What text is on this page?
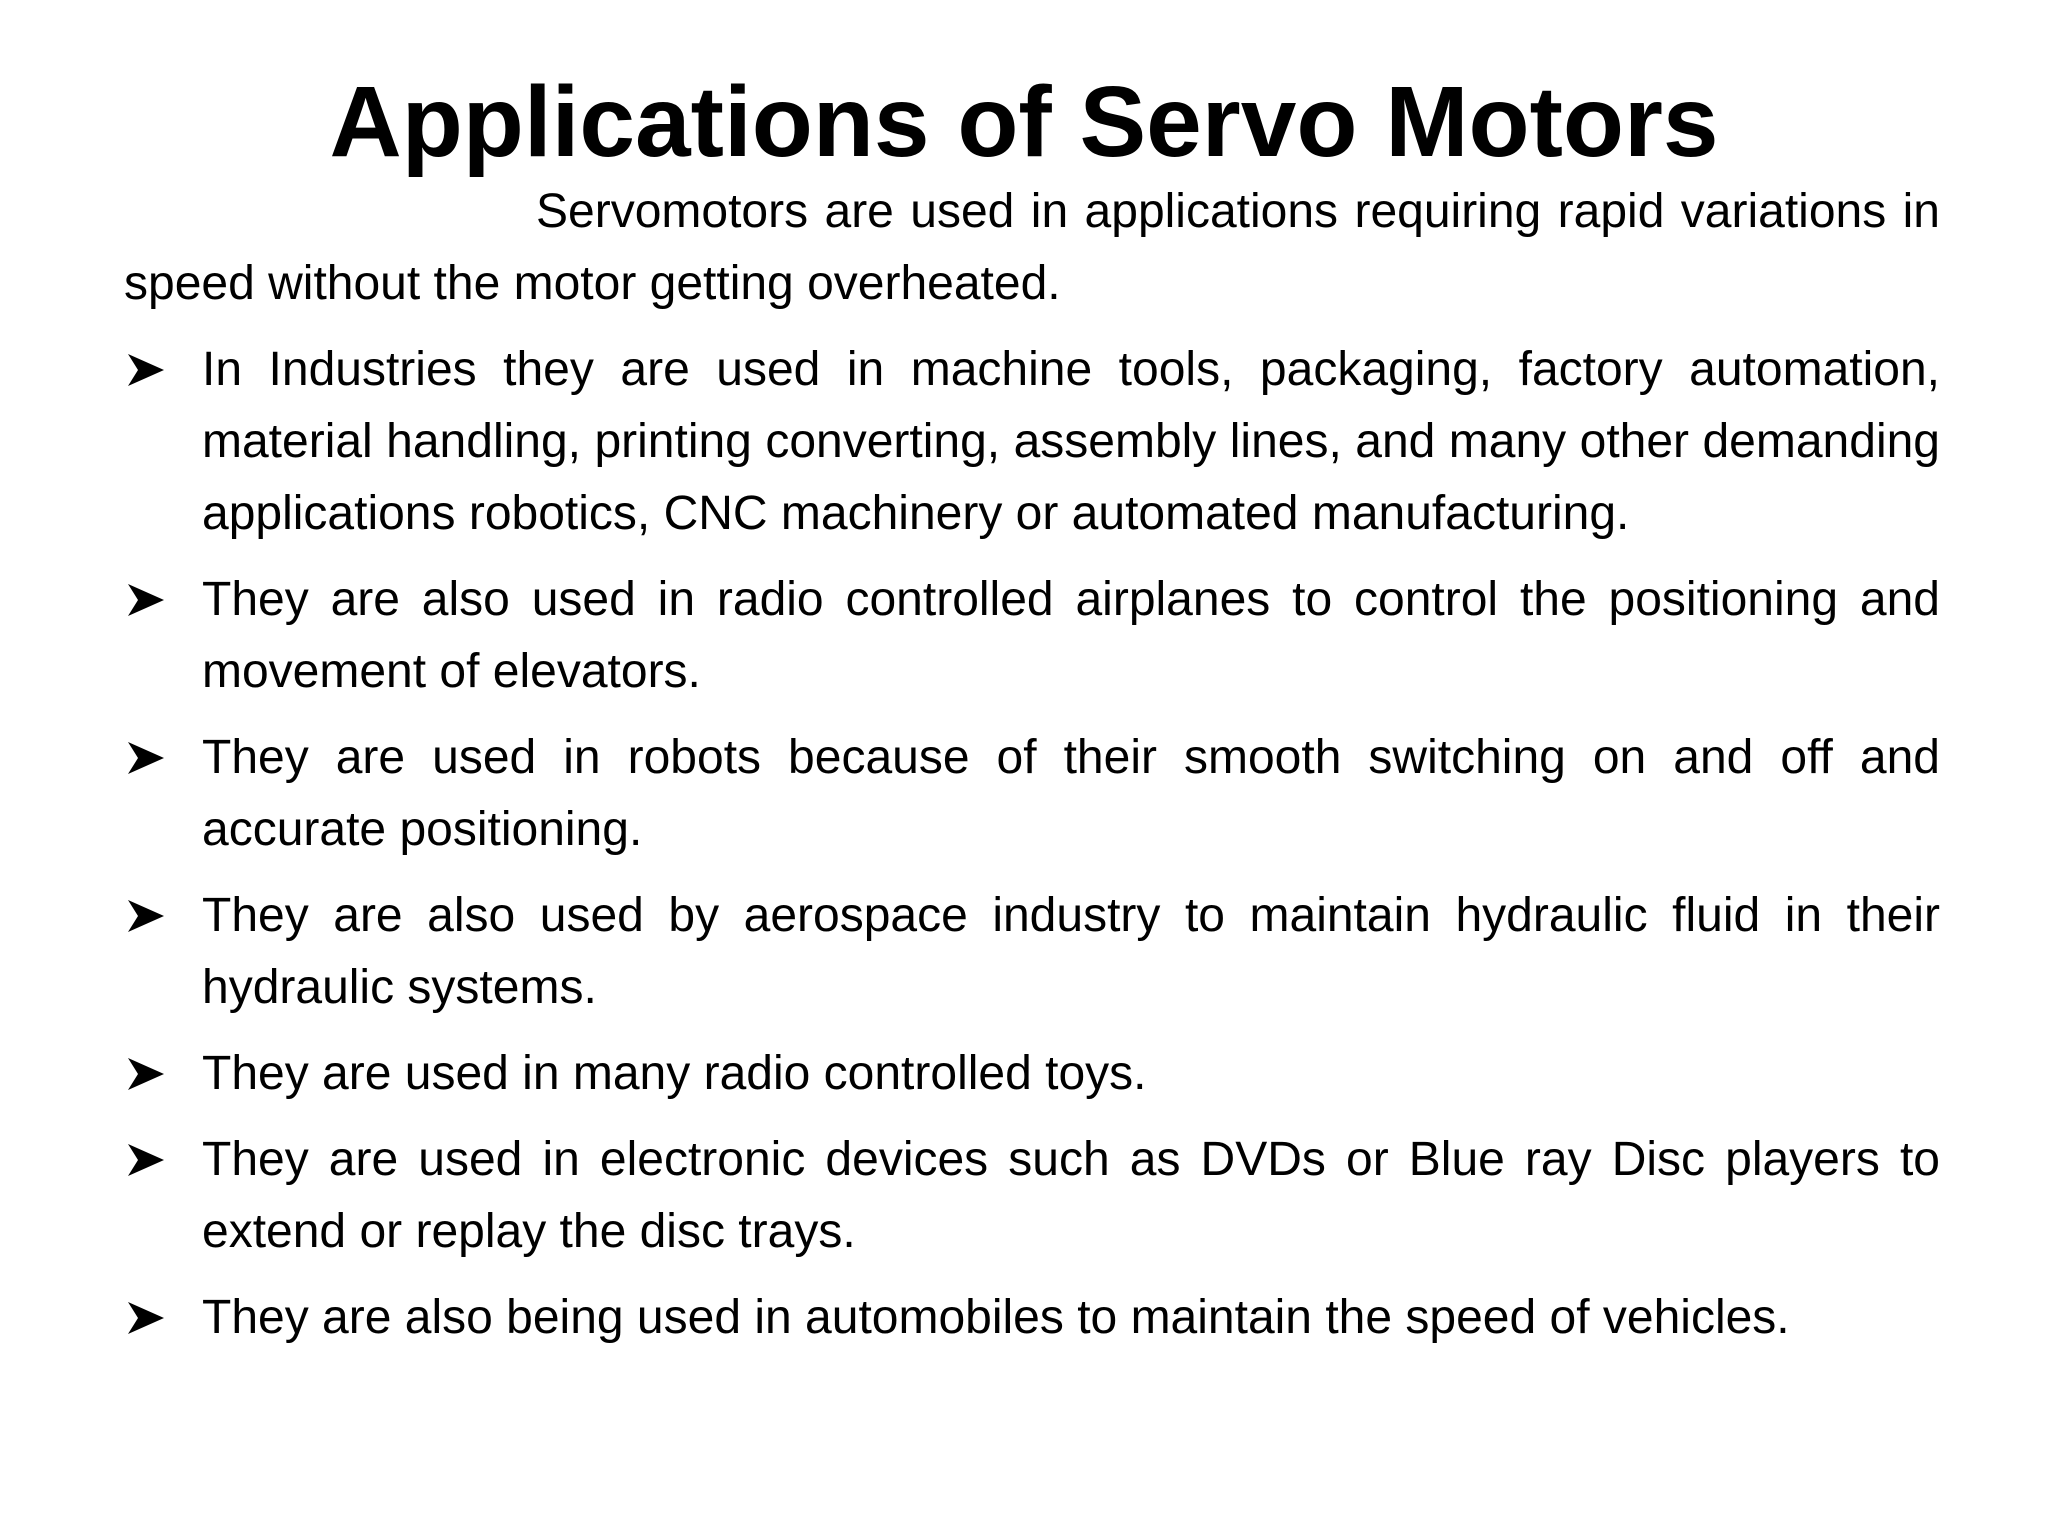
Applications of Servo Motors

Servomotors are used in applications requiring rapid variations in speed without the motor getting overheated.

In Industries they are used in machine tools, packaging, factory automation, material handling, printing converting, assembly lines, and many other demanding applications robotics, CNC machinery or automated manufacturing.
They are also used in radio controlled airplanes to control the positioning and movement of elevators.
They are used in robots because of their smooth switching on and off and accurate positioning.
They are also used by aerospace industry to maintain hydraulic fluid in their hydraulic systems.
They are used in many radio controlled toys.
They are used in electronic devices such as DVDs or Blue ray Disc players to extend or replay the disc trays.
They are also being used in automobiles to maintain the speed of vehicles.
